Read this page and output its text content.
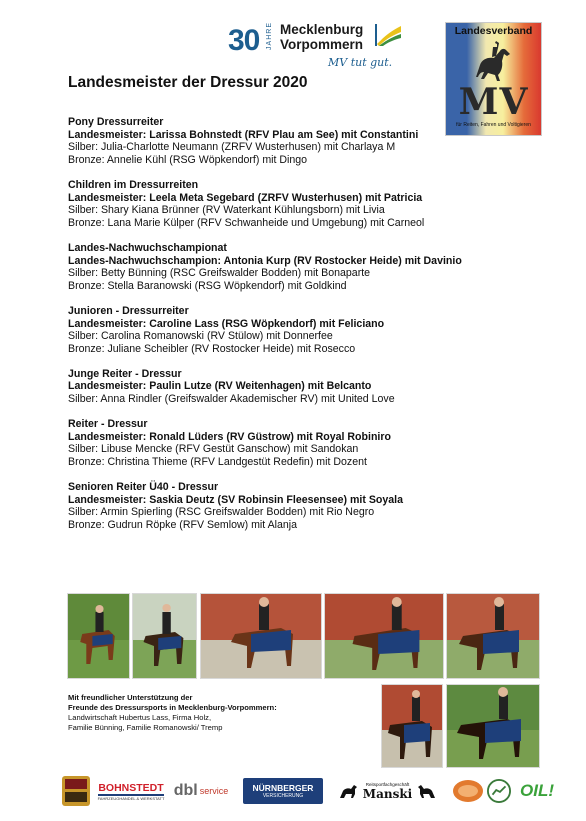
30 JAHRE Mecklenburg
Vorpommern
MV tut gut.
Landesverband
MV
für Reiten, Fahren und Voltigieren
Landesmeister der Dressur 2020
Pony Dressurreiter
Landesmeister: Larissa Bohnstedt (RFV Plau am See) mit Constantini
Silber: Julia-Charlotte Neumann (ZRFV Wusterhusen) mit Charlaya M
Bronze: Annelie Kühl (RSG Wöpkendorf) mit Dingo
Children im Dressurreiten
Landesmeister: Leela Meta Segebard (ZRFV Wusterhusen) mit Patricia
Silber: Shary Kiana Brünner (RV Waterkant Kühlungsborn) mit Livia
Bronze: Lana Marie Külper (RFV Schwanheide und Umgebung) mit Carneol
Landes-Nachwuchschampionat
Landes-Nachwuchschampion: Antonia Kurp (RV Rostocker Heide) mit Davinio
Silber: Betty Bünning (RSC Greifswalder Bodden) mit Bonaparte
Bronze: Stella Baranowski (RSG Wöpkendorf) mit Goldkind
Junioren - Dressurreiter
Landesmeister: Caroline Lass (RSG Wöpkendorf) mit Feliciano
Silber: Carolina Romanowski (RV Stülow) mit Donnerfee
Bronze: Juliane Scheibler (RV Rostocker Heide) mit Rosecco
Junge Reiter - Dressur
Landesmeister: Paulin Lutze (RV Weitenhagen) mit Belcanto
Silber: Anna Rindler (Greifswalder Akademischer RV) mit United Love
Reiter - Dressur
Landesmeister: Ronald Lüders (RV Güstrow) mit Royal Robiniro
Silber: Libuse Mencke (RFV Gestüt Ganschow) mit Sandokan
Bronze: Christina Thieme (RFV Landgestüt Redefin) mit Dozent
Senioren Reiter Ü40 - Dressur
Landesmeister: Saskia Deutz (SV Robinsin Fleesensee) mit Soyala
Silber: Armin Spierling (RSC Greifswalder Bodden) mit Rio Negro
Bronze: Gudrun Röpke (RFV Semlow) mit Alanja
Mit freundlicher Unterstützung der
Freunde des Dressursports in Mecklenburg-Vorpommern:
Landwirtschaft Hubertus Lass, Firma Holz,
Familie Bünning, Familie Romanowski/ Tremp
BOHNSTEDT
FAHRZEUGHANDEL & WERKSTATT dbl service	NÜRNBERGER
VERSICHERUNG
Reitsportfachgeschäft
Manski	OIL!
